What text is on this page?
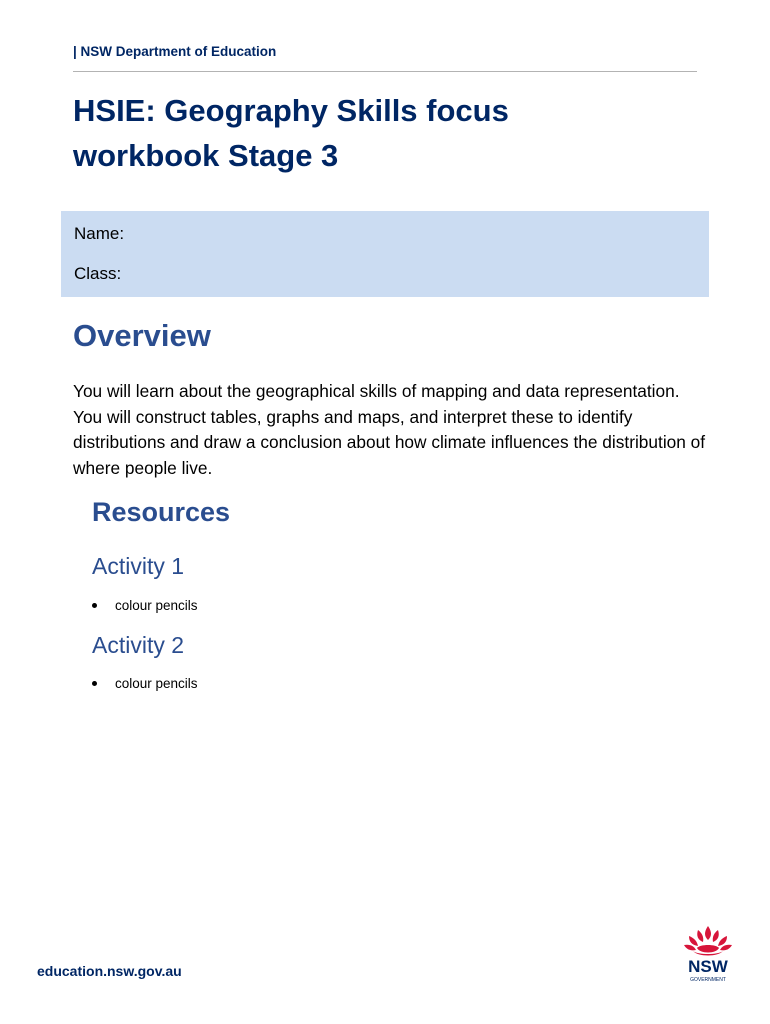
| NSW Department of Education
HSIE: Geography Skills focus
workbook Stage 3
Name:
Class:
Overview

You will learn about the geographical skills of mapping and data representation. You will construct tables, graphs and maps, and interpret these to identify distributions and draw a conclusion about how climate influences the distribution of where people live.

Resources
Activity 1
colour pencils
Activity 2
colour pencils
education.nsw.gov.au	NSW
GOVERNMENT
